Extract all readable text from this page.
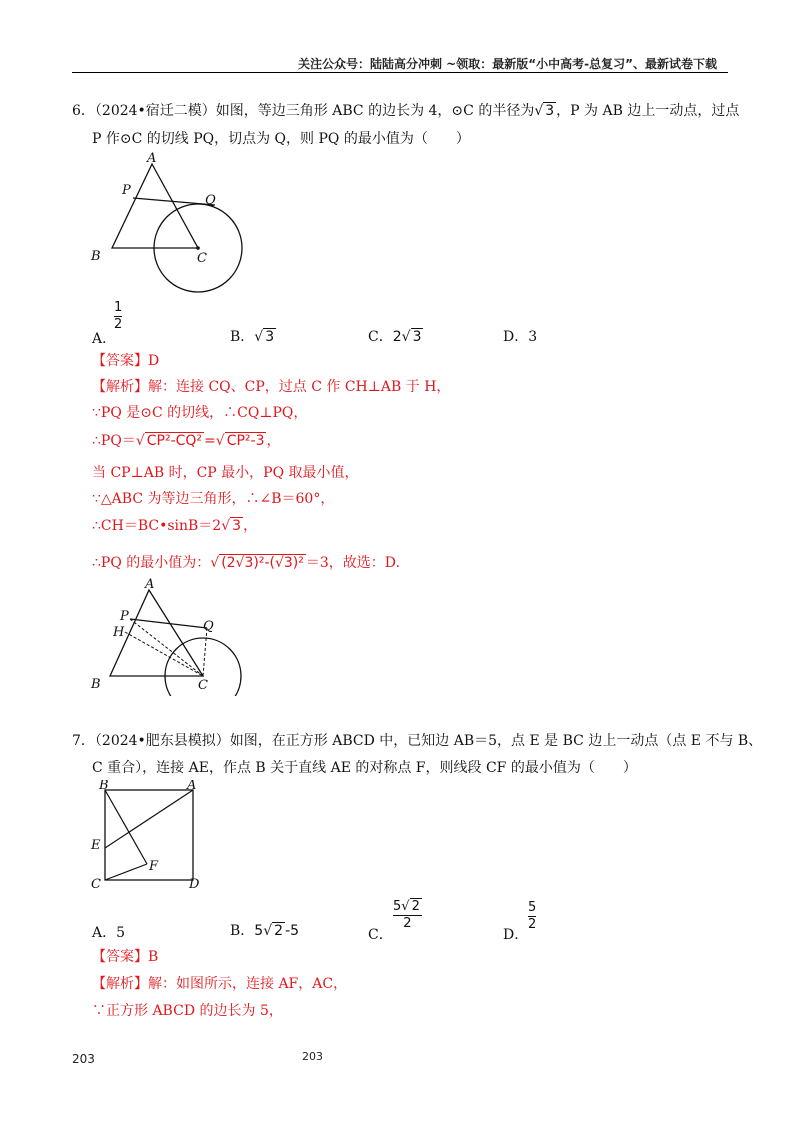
关注公众号：陆陆高分冲刺 ~领取：最新版“小中高考-总复习”、最新试卷下载
6．（2024•宿迁二模）如图，等边三角形 ABC 的边长为 4，⊙C 的半径为√ 3 ，P 为 AB 边上一动点，过点
P 作⊙C 的切线 PQ，切点为 Q，则 PQ 的最小值为（　　）
A
P
Q
B	C
A．
1
2
B．√ 3	C．2√ 3	D．3
【答案】D
【解析】解：连接 CQ、CP，过点 C 作 CH⊥AB 于 H，
∵PQ 是⊙C 的切线，∴CQ⊥PQ，
∴PQ＝√ CP²-CQ² =√ CP²-3 ，
当 CP⊥AB 时，CP 最小，PQ 取最小值，
∵△ABC 为等边三角形，∴∠B＝60°，
∴CH＝BC•sinB＝2√ 3 ，
∴PQ 的最小值为：√ (2√3)²-(√3)² ＝3，故选：D.
A
P
H	Q
B	C
7．（2024•肥东县模拟）如图，在正方形 ABCD 中，已知边 AB＝5，点 E 是 BC 边上一动点（点 E 不与 B、
C 重合），连接 AE，作点 B 关于直线 AE 的对称点 F，则线段 CF 的最小值为（　　）
B	A
E
F
C	D
A．5	B．5√ 2 -5	C．
5√ 2
2
D．
5
2
【答案】B
【解析】解：如图所示，连接 AF，AC，
∵正方形 ABCD 的边长为 5，
203	203
